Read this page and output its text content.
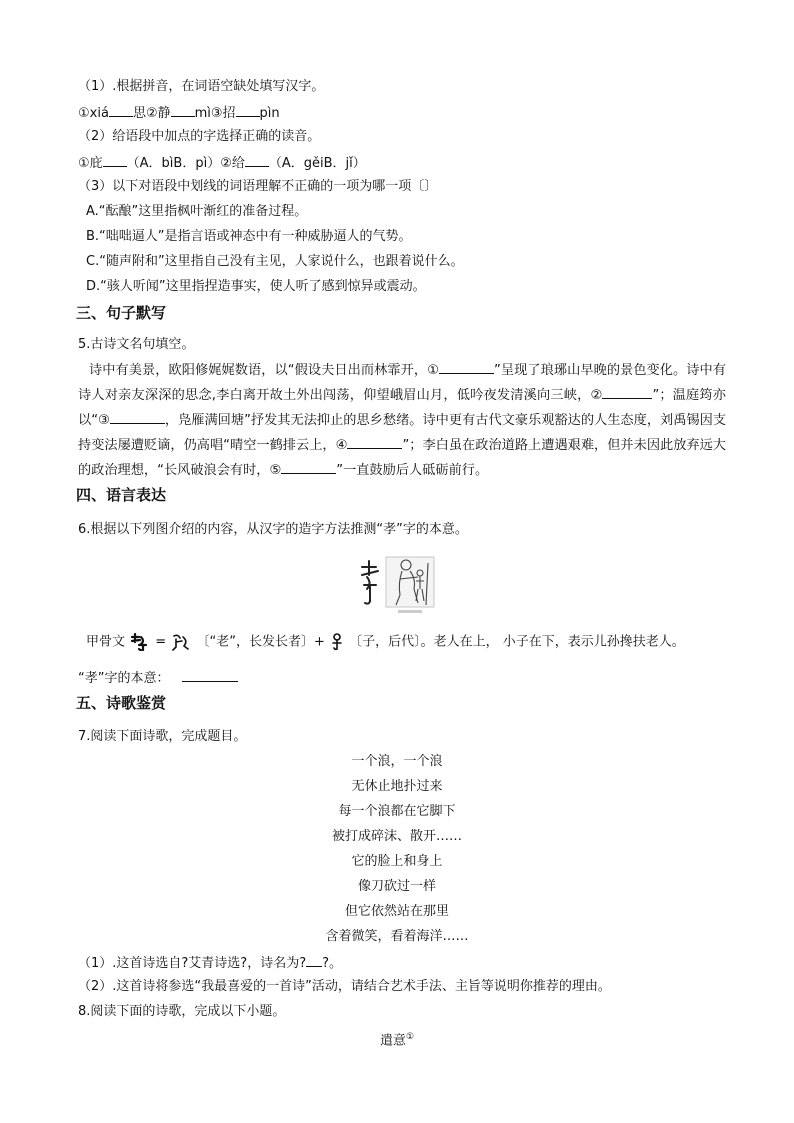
（1）.根据拼音，在词语空缺处填写汉字。
①xiá 思②静 mì③招 pìn
（2）给语段中加点的字选择正确的读音。
①庇 （A．bìB．pì）②给 （A．gěiB．jǐ）
（3）以下对语段中划线的词语理解不正确的一项为哪一项〔〕
A.“酝酿”这里指枫叶渐红的准备过程。
B.“咄咄逼人”是指言语或神态中有一种威胁逼人的气势。
C.“随声附和”这里指自己没有主见，人家说什么，也跟着说什么。
D.“骇人听闻”这里指捏造事实，使人听了感到惊异或震动。
三、句子默写
5.古诗文名句填空。
诗中有美景，欧阳修娓娓数语，以“假设夫日出而林霏开，①	”呈现了琅琊山早晚的景色变化。诗中有诗人对亲友深深的思念,李白离开故土外出闯荡，仰望峨眉山月，低吟夜发清溪向三峡，②	”；温庭筠亦以“③	，凫雁满回塘”抒发其无法抑止的思乡愁绪。诗中更有古代文豪乐观豁达的人生态度，刘禹锡因支持变法屡遭贬谪，仍高唱“晴空一鹤排云上，④	”；李白虽在政治道路上遭遇艰难，但并未因此放弃远大的政治理想，“长风破浪会有时，⑤	”一直鼓励后人砥砺前行。
四、语言表达
6.根据以下列图介绍的内容，从汉字的造字方法推测“孝”字的本意。
甲骨文 = 〔“老”，长发长者〕+ 〔子，后代〕。老人在上， 小子在下，表示儿孙搀扶老人。
“孝”字的本意：
五、诗歌鉴赏
7.阅读下面诗歌，完成题目。
一个浪，一个浪
无休止地扑过来
每一个浪都在它脚下
被打成碎沫、散开……
它的脸上和身上
像刀砍过一样
但它依然站在那里
含着微笑，看着海洋……
（1）.这首诗选自?艾青诗选?，诗名为? ?。
（2）.这首诗将参选“我最喜爱的一首诗”活动，请结合艺术手法、主旨等说明你推荐的理由。
8.阅读下面的诗歌，完成以下小题。
遣意①
